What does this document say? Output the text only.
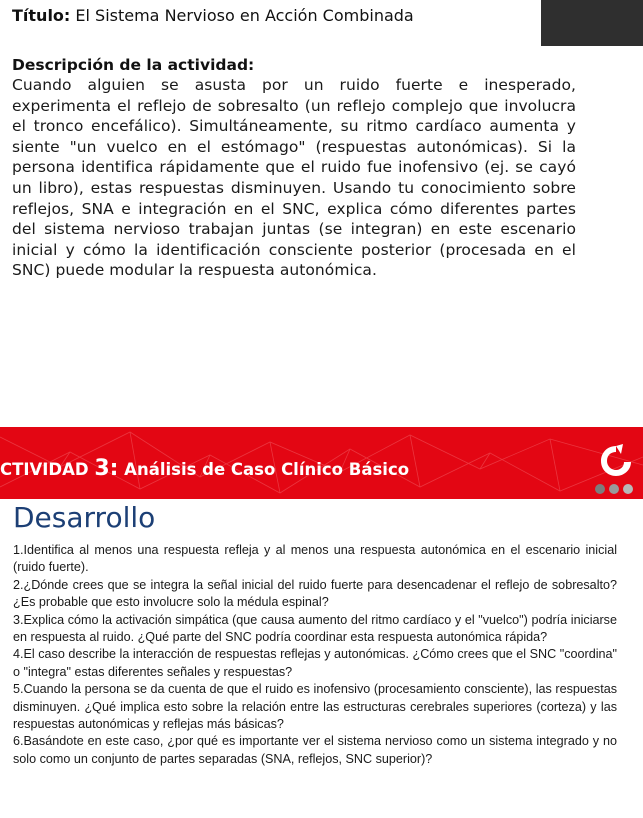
Título: El Sistema Nervioso en Acción Combinada

Descripción de la actividad:

Cuando alguien se asusta por un ruido fuerte e inesperado, experimenta el reflejo de sobresalto (un reflejo complejo que involucra el tronco encefálico). Simultáneamente, su ritmo cardíaco aumenta y siente "un vuelco en el estómago" (respuestas autonómicas). Si la persona identifica rápidamente que el ruido fue inofensivo (ej. se cayó un libro), estas respuestas disminuyen. Usando tu conocimiento sobre reflejos, SNA e integración en el SNC, explica cómo diferentes partes del sistema nervioso trabajan juntas (se integran) en este escenario inicial y cómo la identificación consciente posterior (procesada en el SNC) puede modular la respuesta autonómica.

CTIVIDAD 3: Análisis de Caso Clínico Básico

Desarrollo
1.Identifica al menos una respuesta refleja y al menos una respuesta autonómica en el escenario inicial (ruido fuerte).
2.¿Dónde crees que se integra la señal inicial del ruido fuerte para desencadenar el reflejo de sobresalto? ¿Es probable que esto involucre solo la médula espinal?
3.Explica cómo la activación simpática (que causa aumento del ritmo cardíaco y el "vuelco") podría iniciarse en respuesta al ruido. ¿Qué parte del SNC podría coordinar esta respuesta autonómica rápida?
4.El caso describe la interacción de respuestas reflejas y autonómicas. ¿Cómo crees que el SNC "coordina" o "integra" estas diferentes señales y respuestas?
5.Cuando la persona se da cuenta de que el ruido es inofensivo (procesamiento consciente), las respuestas disminuyen. ¿Qué implica esto sobre la relación entre las estructuras cerebrales superiores (corteza) y las respuestas autonómicas y reflejas más básicas?
6.Basándote en este caso, ¿por qué es importante ver el sistema nervioso como un sistema integrado y no solo como un conjunto de partes separadas (SNA, reflejos, SNC superior)?
